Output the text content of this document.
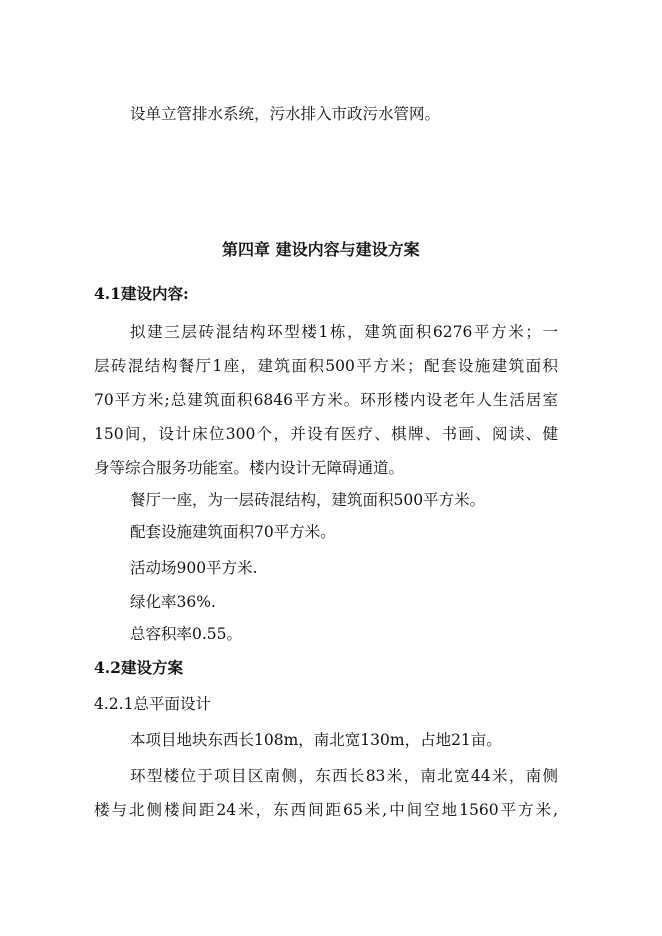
设单立管排水系统，污水排入市政污水管网。
第四章 建设内容与建设方案
4.1建设内容:
拟建三层砖混结构环型楼1栋，建筑面积6276平方米；一
层砖混结构餐厅1座，建筑面积500平方米；配套设施建筑面积
70平方米;总建筑面积6846平方米。环形楼内设老年人生活居室
150间，设计床位300个，并设有医疗、棋牌、书画、阅读、健
身等综合服务功能室。楼内设计无障碍通道。
餐厅一座，为一层砖混结构，建筑面积500平方米。
配套设施建筑面积70平方米。
活动场900平方米.
绿化率36%.
总容积率0.55。
4.2建设方案
4.2.1总平面设计
本项目地块东西长108m，南北宽130m，占地21亩。
环型楼位于项目区南侧，东西长83米，南北宽44米，南侧
楼与北侧楼间距24米，东西间距65米,中间空地1560平方米,
